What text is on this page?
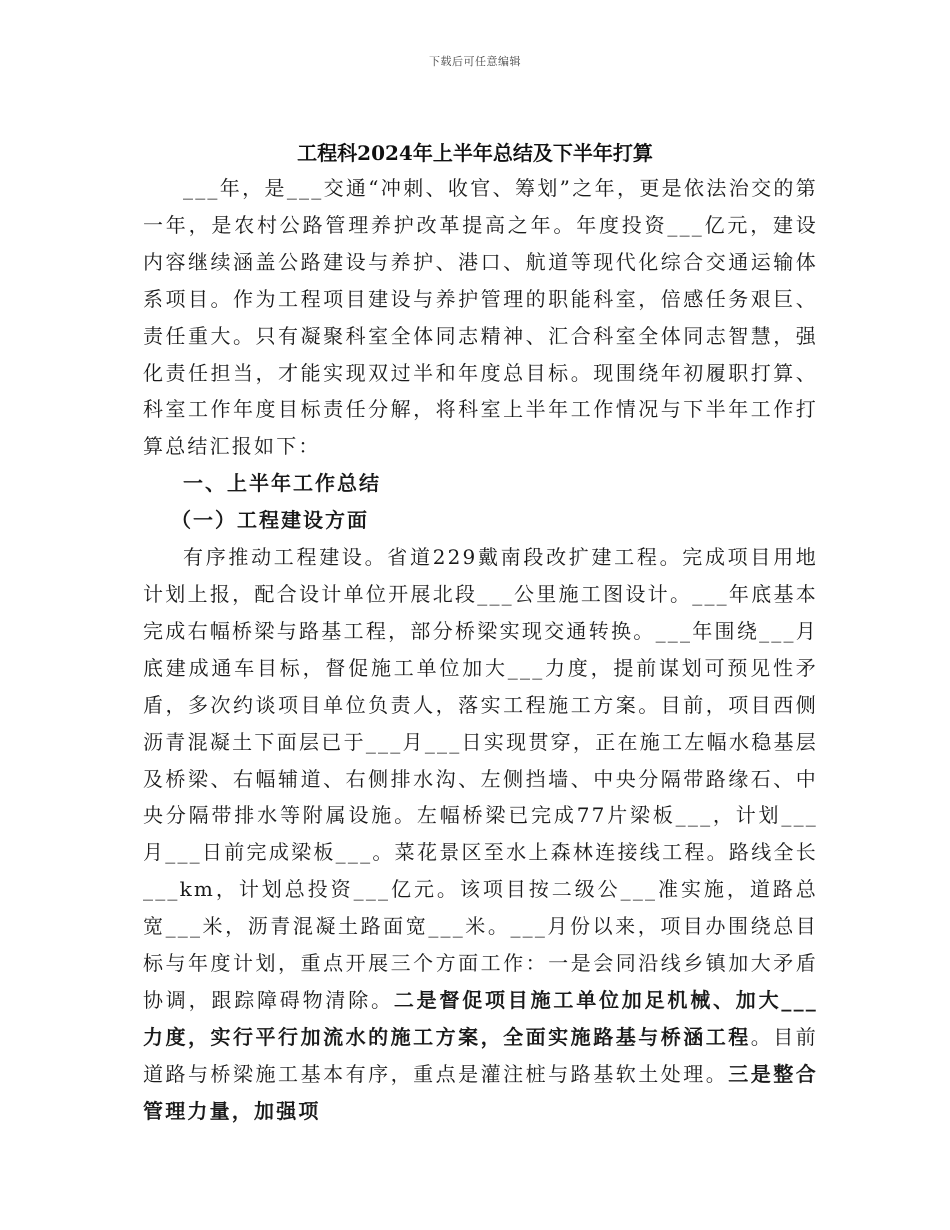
下载后可任意编辑
工程科2024年上半年总结及下半年打算

___年，是___交通“冲刺、收官、筹划”之年，更是依法治交的第一年，是农村公路管理养护改革提高之年。年度投资___亿元，建设内容继续涵盖公路建设与养护、港口、航道等现代化综合交通运输体系项目。作为工程项目建设与养护管理的职能科室，倍感任务艰巨、责任重大。只有凝聚科室全体同志精神、汇合科室全体同志智慧，强化责任担当，才能实现双过半和年度总目标。现围绕年初履职打算、科室工作年度目标责任分解，将科室上半年工作情况与下半年工作打算总结汇报如下：

一、上半年工作总结
（一）工程建设方面

有序推动工程建设。省道229戴南段改扩建工程。完成项目用地计划上报，配合设计单位开展北段___公里施工图设计。___年底基本完成右幅桥梁与路基工程，部分桥梁实现交通转换。___年围绕___月底建成通车目标，督促施工单位加大___力度，提前谋划可预见性矛盾，多次约谈项目单位负责人，落实工程施工方案。目前，项目西侧沥青混凝土下面层已于___月___日实现贯穿，正在施工左幅水稳基层及桥梁、右幅辅道、右侧排水沟、左侧挡墙、中央分隔带路缘石、中央分隔带排水等附属设施。左幅桥梁已完成77片梁板___，计划___月___日前完成梁板___。菜花景区至水上森林连接线工程。路线全长___km，计划总投资___亿元。该项目按二级公___准实施，道路总宽___米，沥青混凝土路面宽___米。___月份以来，项目办围绕总目标与年度计划，重点开展三个方面工作：一是会同沿线乡镇加大矛盾协调，跟踪障碍物清除。二是督促项目施工单位加足机械、加大___力度，实行平行加流水的施工方案，全面实施路基与桥涵工程。目前道路与桥梁施工基本有序，重点是灌注桩与路基软土处理。三是整合管理力量，加强项
